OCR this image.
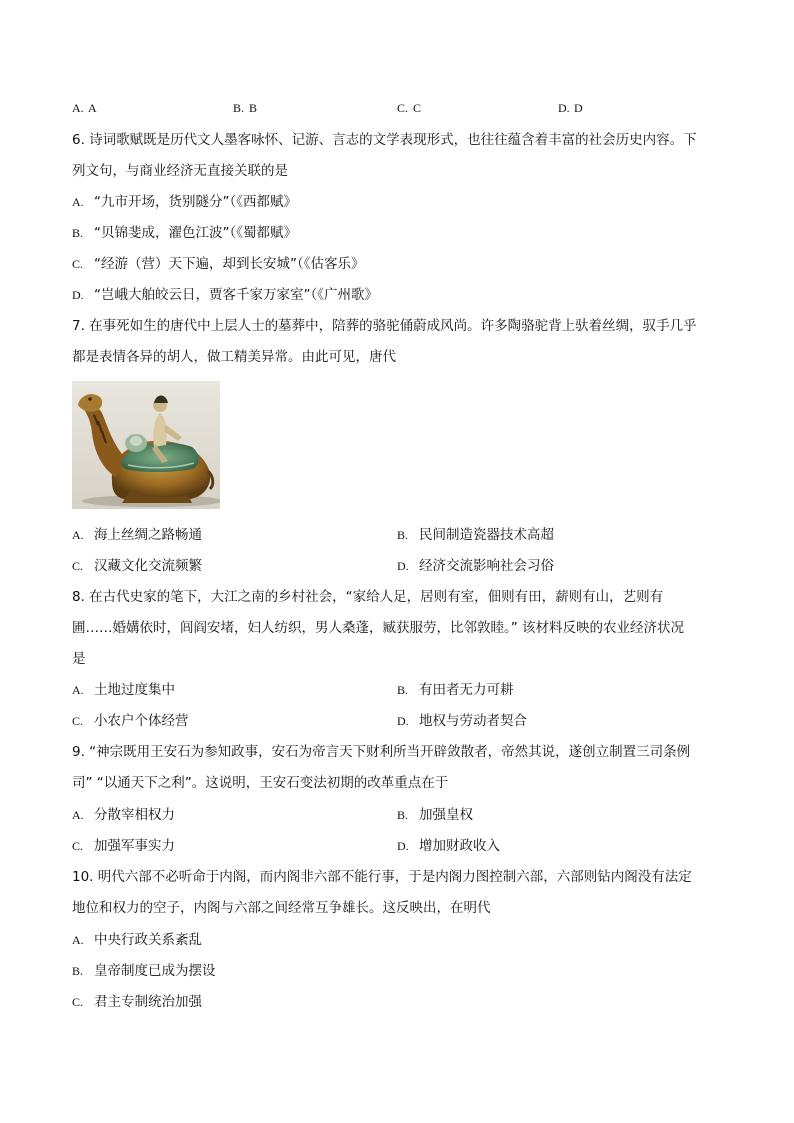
A. A	B. B	C. C	D. D
6. 诗词歌赋既是历代文人墨客咏怀、记游、言志的文学表现形式，也往往蕴含着丰富的社会历史内容。下
列文句，与商业经济无直接关联的是
A. “九市开场，货别隧分”（《西都赋》
B. “贝锦斐成，濯色江波”（《蜀都赋》
C. “经游（营）天下遍，却到长安城”（《估客乐》
D. “岂峨大舶皎云日，贾客千家万家室”（《广州歌》
7. 在事死如生的唐代中上层人士的墓葬中，陪葬的骆驼俑蔚成风尚。许多陶骆驼背上驮着丝绸，驭手几乎
都是表情各异的胡人，做工精美异常。由此可见，唐代
A. 海上丝绸之路畅通	B. 民间制造瓷器技术高超
C. 汉藏文化交流频繁	D. 经济交流影响社会习俗
8. 在古代史家的笔下，大江之南的乡村社会，“家给人足，居则有室，佃则有田，薪则有山，艺则有
圃……婚媾依时，闾阎安堵，妇人纺织，男人桑蓬，臧获服劳，比邻敦睦。” 该材料反映的农业经济状况
是
A. 土地过度集中	B. 有田者无力可耕
C. 小农户个体经营	D. 地权与劳动者契合
9. “神宗既用王安石为参知政事，安石为帝言天下财利所当开辟敛散者，帝然其说，遂创立制置三司条例
司” “以通天下之利”。这说明，王安石变法初期的改革重点在于
A. 分散宰相权力	B. 加强皇权
C. 加强军事实力	D. 增加财政收入
10. 明代六部不必听命于内阁，而内阁非六部不能行事，于是内阁力图控制六部，六部则钻内阁没有法定
地位和权力的空子，内阁与六部之间经常互争雄长。这反映出，在明代
A. 中央行政关系紊乱
B. 皇帝制度已成为摆设
C. 君主专制统治加强
